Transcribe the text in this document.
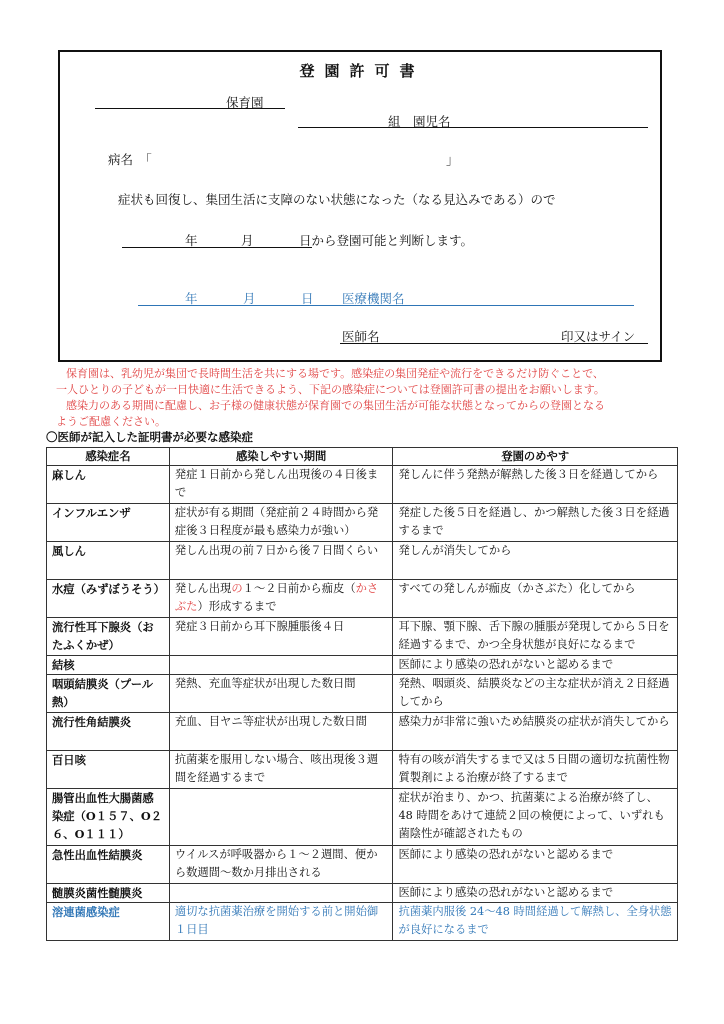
登園許可書
保育園
組　園児名
病名　「	」
症状も回復し、集団生活に支障のない状態になった（なる見込みである）ので
年	月	日から登園可能と判断します。
年	月	日 医療機関名
医師名	印又はサイン

保育園は、乳幼児が集団で長時間生活を共にする場です。感染症の集団発症や流行をできるだけ防ぐことで、

一人ひとりの子どもが一日快適に生活できるよう、下記の感染症については登園許可書の提出をお願いします。

感染力のある期間に配慮し、お子様の健康状態が保育園での集団生活が可能な状態となってからの登園となる

ようご配慮ください。

〇医師が記入した証明書が必要な感染症
感染症名	感染しやすい期間	登園のめやす
麻しん	発症１日前から発しん出現後の４日後まで	発しんに伴う発熱が解熱した後３日を経過してから
インフルエンザ	症状が有る期間（発症前２４時間から発症後３日程度が最も感染力が強い）	発症した後５日を経過し、かつ解熱した後３日を経過するまで
風しん	発しん出現の前７日から後７日間くらい	発しんが消失してから
水痘（みずぼうそう）	発しん出現の１～２日前から痂皮（かさぶた）形成するまで	すべての発しんが痂皮（かさぶた）化してから
流行性耳下腺炎（おたふくかぜ）	発症３日前から耳下腺腫脹後４日	耳下腺、顎下腺、舌下腺の腫脹が発現してから５日を経過するまで、かつ全身状態が良好になるまで
結核		医師により感染の恐れがないと認めるまで
咽頭結膜炎（プール熱）	発熱、充血等症状が出現した数日間	発熱、咽頭炎、結膜炎などの主な症状が消え２日経過してから
流行性角結膜炎	充血、目ヤニ等症状が出現した数日間	感染力が非常に強いため結膜炎の症状が消失してから
百日咳	抗菌薬を服用しない場合、咳出現後３週間を経過するまで	特有の咳が消失するまで又は５日間の適切な抗菌性物質製剤による治療が終了するまで
腸管出血性大腸菌感染症（O１５７、O２６、O１１１）		症状が治まり、かつ、抗菌薬による治療が終了し、48 時間をあけて連続２回の検便によって、いずれも菌陰性が確認されたもの
急性出血性結膜炎	ウイルスが呼吸器から１～２週間、便から数週間～数か月排出される	医師により感染の恐れがないと認めるまで
髄膜炎菌性髄膜炎		医師により感染の恐れがないと認めるまで
溶連菌感染症	適切な抗菌薬治療を開始する前と開始御１日目	抗菌薬内服後 24～48 時間経過して解熱し、全身状態が良好になるまで
